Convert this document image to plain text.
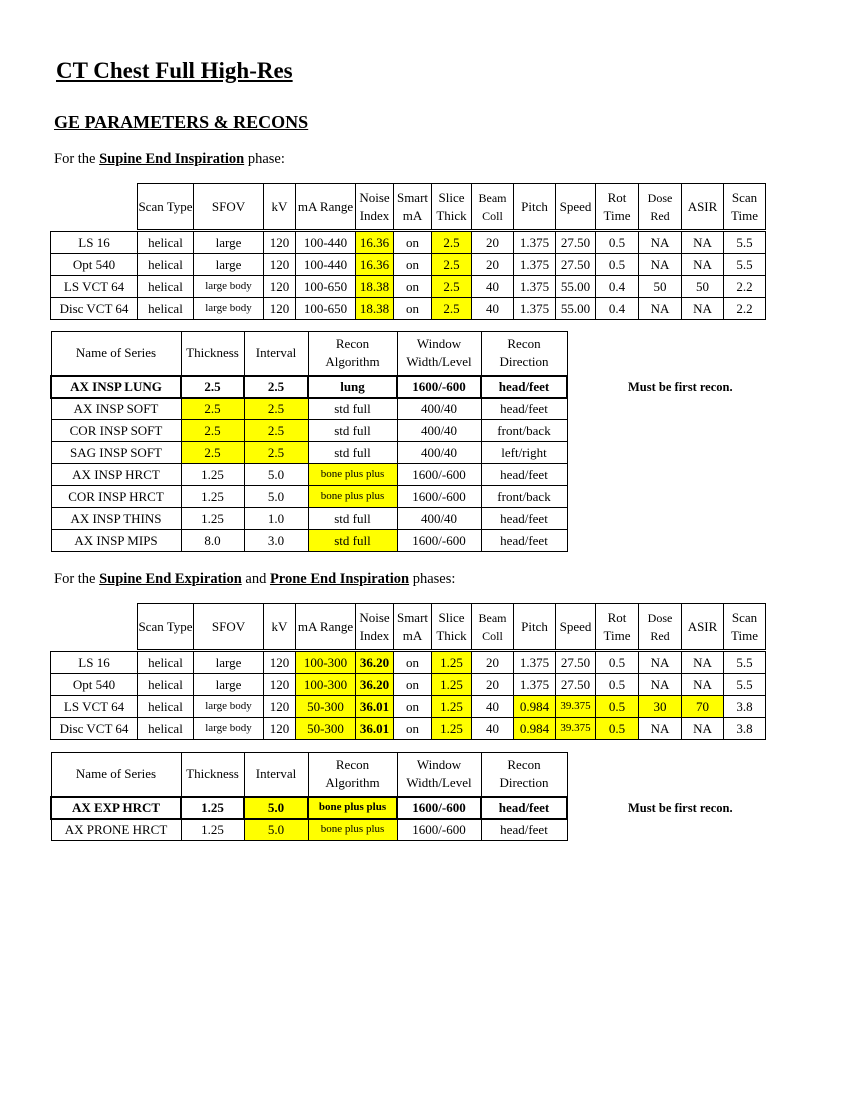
CT Chest Full High-Res
GE PARAMETERS & RECONS

For the Supine End Inspiration phase:

For the Supine End Expiration and Prone End Inspiration phases:

	Scan Type	SFOV	kV	mA Range	Noise Index	Smart mA	Slice Thick	Beam Coll	Pitch	Speed	Rot Time	Dose Red	ASIR	Scan Time

LS 16	helical	large	120	100-440	16.36	on	2.5	20	1.375	27.50	0.5	NA	NA	5.5
Opt 540	helical	large	120	100-440	16.36	on	2.5	20	1.375	27.50	0.5	NA	NA	5.5
LS VCT 64	helical	large body	120	100-650	18.38	on	2.5	40	1.375	55.00	0.4	50	50	2.2
Disc VCT 64	helical	large body	120	100-650	18.38	on	2.5	40	1.375	55.00	0.4	NA	NA	2.2
Name of Series	Thickness	Interval	Recon Algorithm	Window Width/Level	Recon Direction
AX INSP LUNG	2.5	2.5	lung	1600/-600	head/feet
AX INSP SOFT	2.5	2.5	std full	400/40	head/feet
COR INSP SOFT	2.5	2.5	std full	400/40	front/back
SAG INSP SOFT	2.5	2.5	std full	400/40	left/right
AX INSP HRCT	1.25	5.0	bone plus plus	1600/-600	head/feet
COR INSP HRCT	1.25	5.0	bone plus plus	1600/-600	front/back
AX INSP THINS	1.25	1.0	std full	400/40	head/feet
AX INSP MIPS	8.0	3.0	std full	1600/-600	head/feet
Must be first recon.
	Scan Type	SFOV	kV	mA Range	Noise Index	Smart mA	Slice Thick	Beam Coll	Pitch	Speed	Rot Time	Dose Red	ASIR	Scan Time

LS 16	helical	large	120	100-300	36.20	on	1.25	20	1.375	27.50	0.5	NA	NA	5.5
Opt 540	helical	large	120	100-300	36.20	on	1.25	20	1.375	27.50	0.5	NA	NA	5.5
LS VCT 64	helical	large body	120	50-300	36.01	on	1.25	40	0.984	39.375	0.5	30	70	3.8
Disc VCT 64	helical	large body	120	50-300	36.01	on	1.25	40	0.984	39.375	0.5	NA	NA	3.8
Name of Series	Thickness	Interval	Recon Algorithm	Window Width/Level	Recon Direction
AX EXP HRCT	1.25	5.0	bone plus plus	1600/-600	head/feet
AX PRONE HRCT	1.25	5.0	bone plus plus	1600/-600	head/feet
Must be first recon.
